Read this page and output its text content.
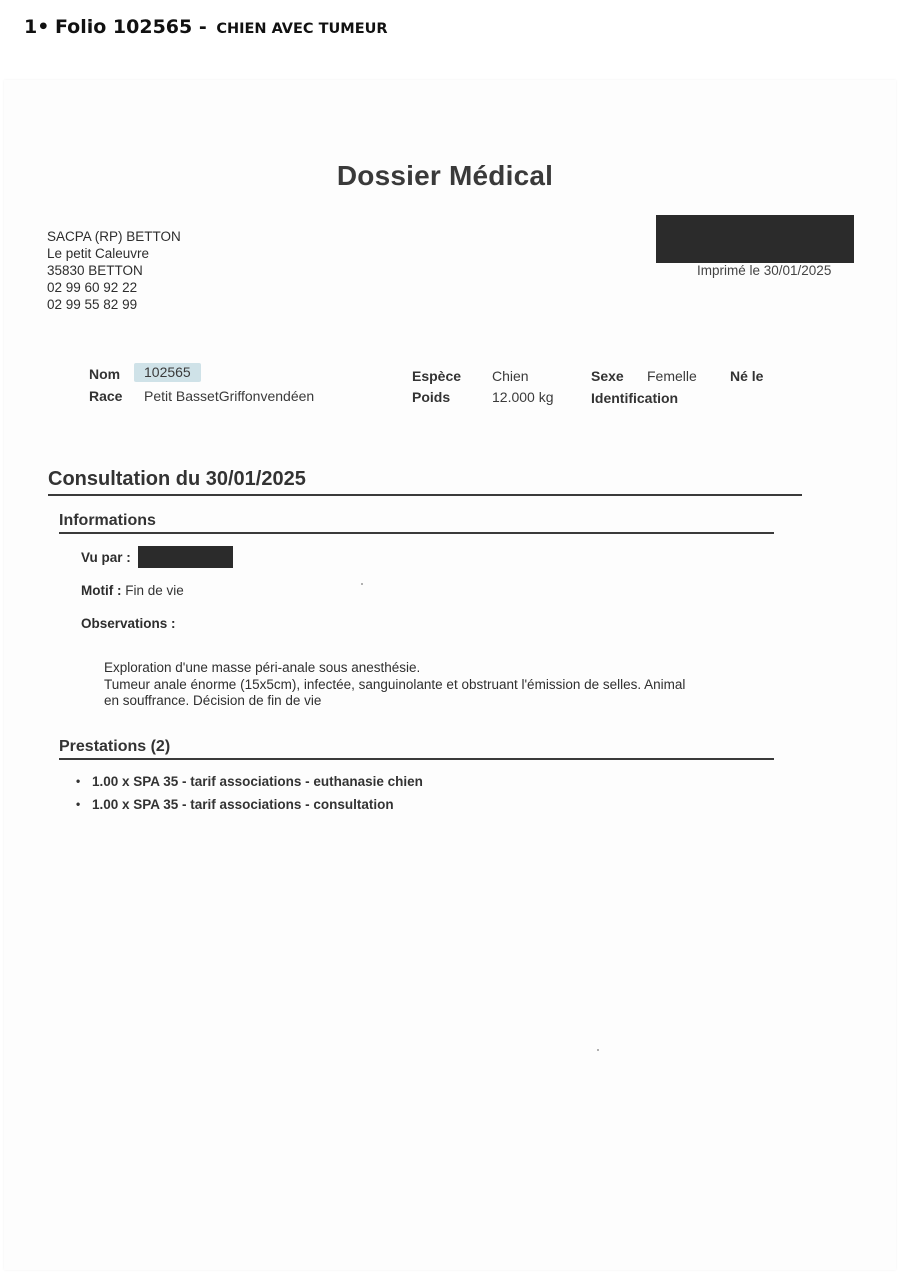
1• Folio 102565 - CHIEN AVEC TUMEUR
Dossier Médical
SACPA (RP) BETTON
Le petit Caleuvre
35830 BETTON
02 99 60 92 22
02 99 55 82 99
Imprimé le 30/01/2025
Nom	102565
Race Petit BassetGriffonvendéen
Espèce Chien
Poids	12.000 kg
Sexe Femelle Né le
Identification
Consultation du 30/01/2025
Informations
Vu par :
Motif : Fin de vie
Observations :
Exploration d'une masse péri-anale sous anesthésie.
Tumeur anale énorme (15x5cm), infectée, sanguinolante et obstruant l'émission de selles. Animal
en souffrance. Décision de fin de vie
Prestations (2)
• 1.00 x SPA 35 - tarif associations - euthanasie chien
• 1.00 x SPA 35 - tarif associations - consultation
